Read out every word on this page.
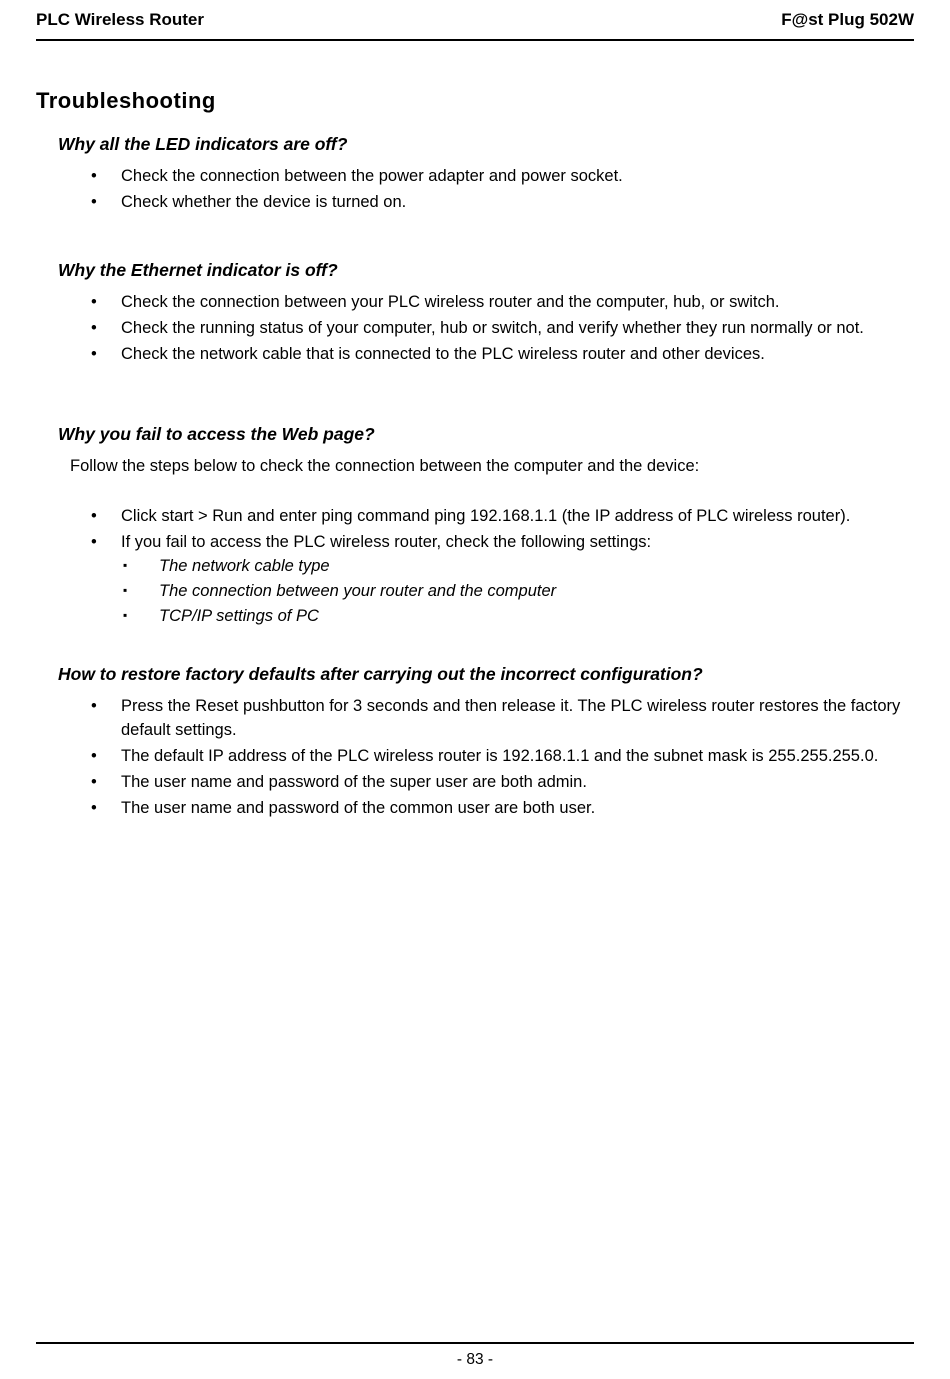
PLC Wireless Router	F@st Plug 502W
Troubleshooting
Why all the LED indicators are off?
• Check the connection between the power adapter and power socket.
• Check whether the device is turned on.
Why the Ethernet indicator is off?
• Check the connection between your PLC wireless router and the computer, hub, or switch.
• Check the running status of your computer, hub or switch, and verify whether they run normally or not.
• Check the network cable that is connected to the PLC wireless router and other devices.
Why you fail to access the Web page?

Follow the steps below to check the connection between the computer and the device:

• Click start > Run and enter ping command ping 192.168.1.1 (the IP address of PLC wireless router).
• If you fail to access the PLC wireless router, check the following settings:
▪ The network cable type
▪ The connection between your router and the computer
▪ TCP/IP settings of PC
How to restore factory defaults after carrying out the incorrect configuration?
• Press the Reset pushbutton for 3 seconds and then release it. The PLC wireless router restores the factory default settings.
• The default IP address of the PLC wireless router is 192.168.1.1 and the subnet mask is 255.255.255.0.
• The user name and password of the super user are both admin.
• The user name and password of the common user are both user.
- 83 -
